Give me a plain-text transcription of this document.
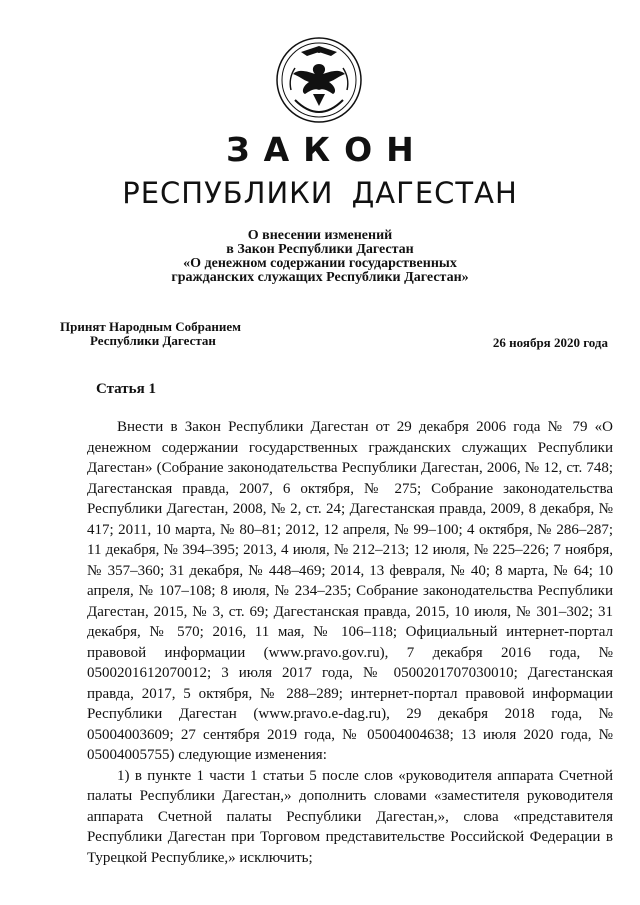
ЗАКОН
РЕСПУБЛИКИ ДАГЕСТАН
О внесении изменений
в Закон Республики Дагестан
«О денежном содержании государственных
гражданских служащих Республики Дагестан»
Принят Народным Собранием
Республики Дагестан	26 ноября 2020 года
Статья 1

Внести в Закон Республики Дагестан от 29 декабря 2006 года № 79 «О денежном содержании государственных гражданских служащих Республики Дагестан» (Собрание законодательства Республики Дагестан, 2006, № 12, ст. 748; Дагестанская правда, 2007, 6 октября, № 275; Собрание законодательства Республики Дагестан, 2008, № 2, ст. 24; Дагестанская правда, 2009, 8 декабря, № 417; 2011, 10 марта, № 80–81; 2012, 12 апреля, № 99–100; 4 октября, № 286–287; 11 декабря, № 394–395; 2013, 4 июля, № 212–213; 12 июля, № 225–226; 7 ноября, № 357–360; 31 декабря, № 448–469; 2014, 13 февраля, № 40; 8 марта, № 64; 10 апреля, № 107–108; 8 июля, № 234–235; Собрание законодательства Республики Дагестан, 2015, № 3, ст. 69; Дагестанская правда, 2015, 10 июля, № 301–302; 31 декабря, № 570; 2016, 11 мая, № 106–118; Официальный интернет-портал правовой информации (www.pravo.gov.ru), 7 декабря 2016 года, № 0500201612070012; 3 июля 2017 года, № 0500201707030010; Дагестанская правда, 2017, 5 октября, № 288–289; интернет-портал правовой информации Республики Дагестан (www.pravo.e-dag.ru), 29 декабря 2018 года, № 05004003609; 27 сентября 2019 года, № 05004004638; 13 июля 2020 года, № 05004005755) следующие изменения:

1) в пункте 1 части 1 статьи 5 после слов «руководителя аппарата Счетной палаты Республики Дагестан,» дополнить словами «заместителя руководителя аппарата Счетной палаты Республики Дагестан,», слова «представителя Республики Дагестан при Торговом представительстве Российской Федерации в Турецкой Республике,» исключить;
